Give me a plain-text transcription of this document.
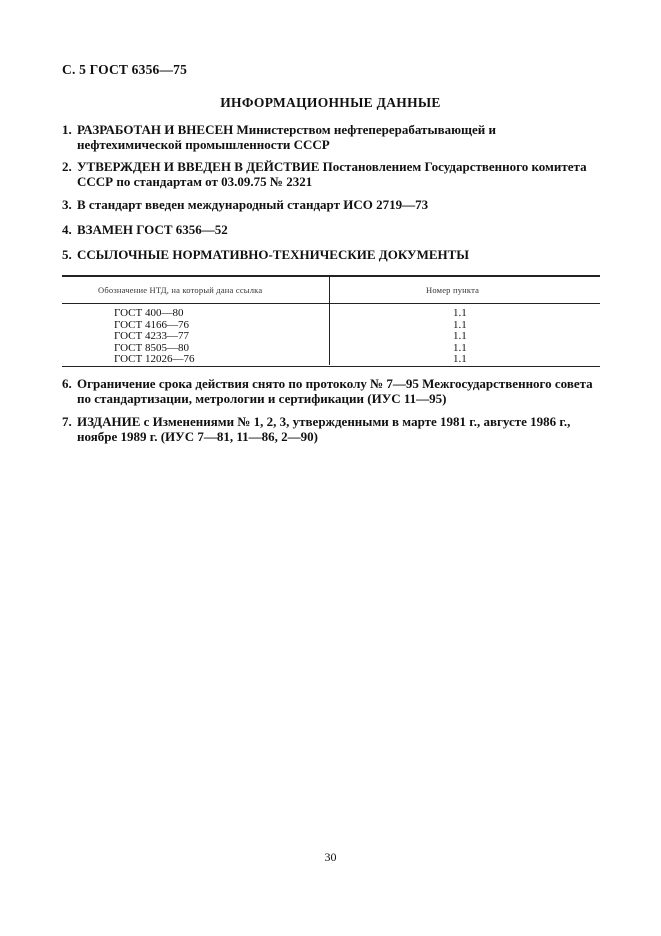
С. 5 ГОСТ 6356—75
ИНФОРМАЦИОННЫЕ ДАННЫЕ
1. РАЗРАБОТАН И ВНЕСЕН Министерством нефтеперерабатывающей и нефтехимической промышленности СССР
2. УТВЕРЖДЕН И ВВЕДЕН В ДЕЙСТВИЕ Постановлением Государственного комитета СССР по стандартам от 03.09.75 № 2321
3. В стандарт введен международный стандарт ИСО 2719—73
4. ВЗАМЕН ГОСТ 6356—52
5. ССЫЛОЧНЫЕ НОРМАТИВНО-ТЕХНИЧЕСКИЕ ДОКУМЕНТЫ
Обозначение НТД, на который дана ссылка	Номер пункта
ГОСТ 400—80
ГОСТ 4166—76
ГОСТ 4233—77
ГОСТ 8505—80
ГОСТ 12026—76
1.1
1.1
1.1
1.1
1.1
6. Ограничение срока действия снято по протоколу № 7—95 Межгосударственного совета по стандартизации, метрологии и сертификации (ИУС 11—95)
7. ИЗДАНИЕ с Изменениями № 1, 2, 3, утвержденными в марте 1981 г., августе 1986 г., ноябре 1989 г. (ИУС 7—81, 11—86, 2—90)
30
